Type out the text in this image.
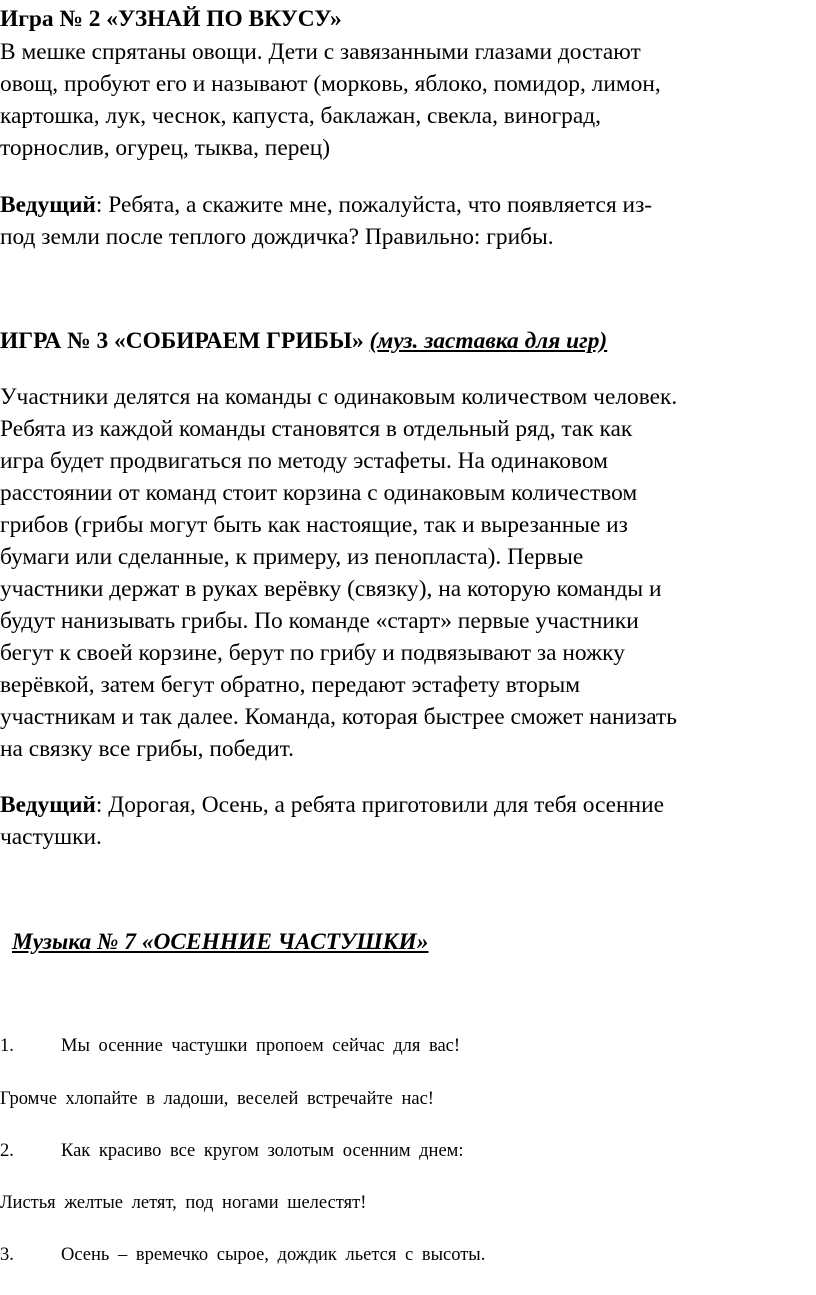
Игра № 2 «УЗНАЙ ПО ВКУСУ»
В мешке спрятаны овощи. Дети с завязанными глазами достают
овощ, пробуют его и называют (морковь, яблоко, помидор, лимон,
картошка, лук, чеснок, капуста, баклажан, свекла, виноград,
торнослив, огурец, тыква, перец)
Ведущий: Ребята, а скажите мне, пожалуйста, что появляется из-
под земли после теплого дождичка? Правильно: грибы.
ИГРА № 3 «СОБИРАЕМ ГРИБЫ» (муз. заставка для игр)
Участники делятся на команды с одинаковым количеством человек.
Ребята из каждой команды становятся в отдельный ряд, так как
игра будет продвигаться по методу эстафеты. На одинаковом
расстоянии от команд стоит корзина с одинаковым количеством
грибов (грибы могут быть как настоящие, так и вырезанные из
бумаги или сделанные, к примеру, из пенопласта). Первые
участники держат в руках верёвку (связку), на которую команды и
будут нанизывать грибы. По команде «старт» первые участники
бегут к своей корзине, берут по грибу и подвязывают за ножку
верёвкой, затем бегут обратно, передают эстафету вторым
участникам и так далее. Команда, которая быстрее сможет нанизать
на связку все грибы, победит.
Ведущий: Дорогая, Осень, а ребята приготовили для тебя осенние
частушки.
Музыка № 7 «ОСЕННИЕ ЧАСТУШКИ»
1.	Мы осенние частушки пропоем сейчас для вас!
Громче хлопайте в ладоши, веселей встречайте нас!
2.	Как красиво все кругом золотым осенним днем:
Листья желтые летят, под ногами шелестят!
3.	Осень – времечко сырое, дождик льется с высоты.
